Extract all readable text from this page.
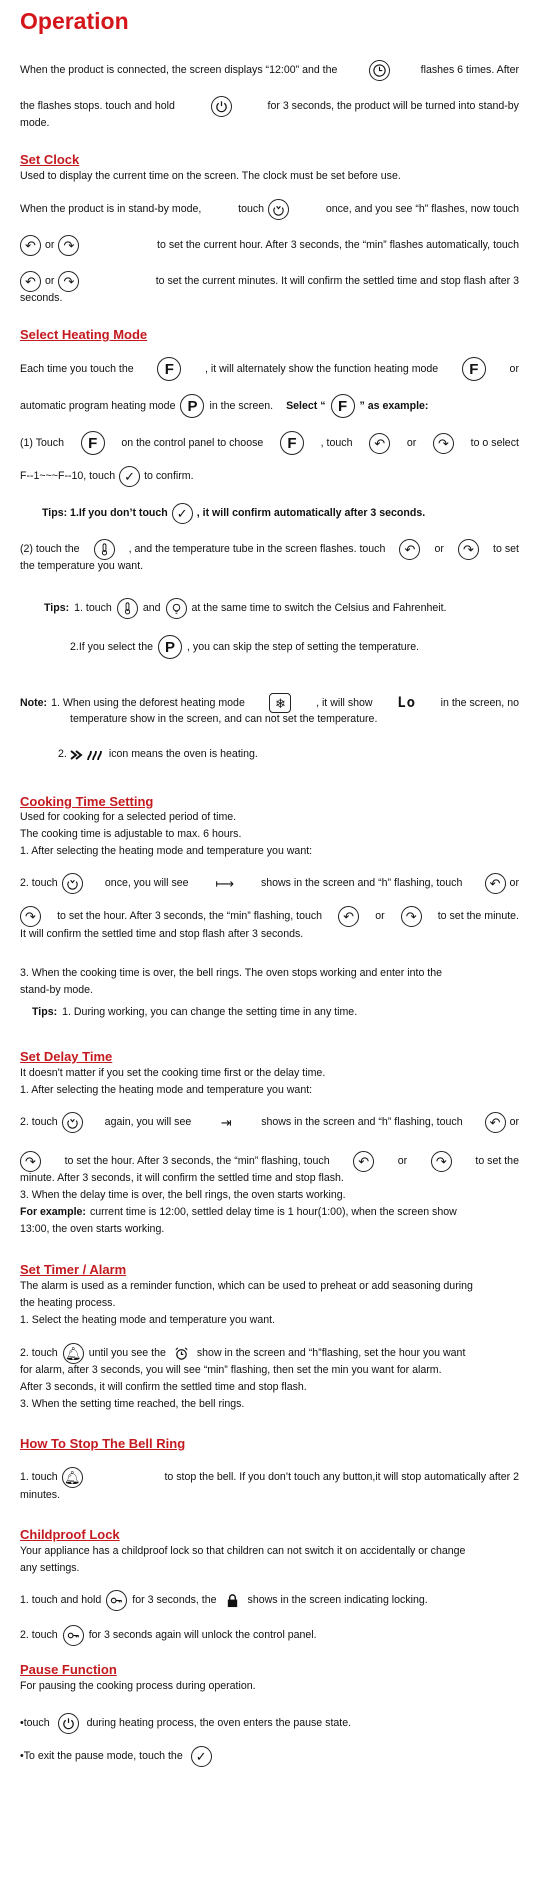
Operation
When the product is connected, the screen displays “12:00” and the	flashes 6 times. After
the flashes stops. touch and hold	for 3 seconds, the product will be turned into stand-by
mode.
Set Clock
Used to display the current time on the screen. The clock must be set before use.
When the product is in stand-by mode,	touch	once, and you see “h” flashes, now touch
↶ or ↷	to set the current hour. After 3 seconds, the “min” flashes automatically, touch
↶ or ↷	to set the current minutes. It will confirm the settled time and stop flash after 3
seconds.
Select Heating Mode
Each time you touch the	F	, it will alternately show the function heating mode	F	or
automatic program heating mode P	in the screen. Select “ F	” as example:
(1) Touch	F	on the control panel to choose	F	, touch	↶	or	↷	to o select
F--1~~~F--10, touch ✓ to confirm.
Tips: 1.If you don’t touch ✓ , it will confirm automatically after 3 seconds.
(2) touch the	, and the temperature tube in the screen flashes. touch	↶	or	↷	to set
the temperature you want.
Tips: 1. touch	and	at the same time to switch the Celsius and Fahrenheit.
2.If you select the P	, you can skip the step of setting the temperature.
Note: 1. When using the deforest heating mode	❄	, it will show Lo in the screen, no
temperature show in the screen, and can not set the temperature.
2.	icon means the oven is heating.
Cooking Time Setting
Used for cooking for a selected period of time.
The cooking time is adjustable to max. 6 hours.
1. After selecting the heating mode and temperature you want:
2. touch	once, you will see	⟼	shows in the screen and “h” flashing, touch	↶ or
↷	to set the hour. After 3 seconds, the “min” flashing, touch	↶	or	↷	to set the minute.
It will confirm the settled time and stop flash after 3 seconds.
3. When the cooking time is over, the bell rings. The oven stops working and enter into the
stand-by mode.
Tips: 1. During working, you can change the setting time in any time.
Set Delay Time
It doesn't matter if you set the cooking time first or the delay time.
1. After selecting the heating mode and temperature you want:
2. touch	again, you will see	⇥	shows in the screen and “h” flashing, touch	↶ or
↷	to set the hour. After 3 seconds, the “min” flashing, touch	↶	or	↷	to set the
minute. After 3 seconds, it will confirm the settled time and stop flash.
3. When the delay time is over, the bell rings, the oven starts working.
For example: current time is 12:00, settled delay time is 1 hour(1:00), when the screen show
13:00, the oven starts working.
Set Timer / Alarm
The alarm is used as a reminder function, which can be used to preheat or add seasoning during
the heating process.
1. Select the heating mode and temperature you want.
2. touch 🔔︎ until you see the	show in the screen and “h”flashing, set the hour you want
for alarm, after 3 seconds, you will see “min” flashing, then set the min you want for alarm.
After 3 seconds, it will confirm the settled time and stop flash.
3. When the setting time reached, the bell rings.
How To Stop The Bell Ring
1. touch 🔔︎	to stop the bell. If you don’t touch any button,it will stop automatically after 2
minutes.
Childproof Lock
Your appliance has a childproof lock so that children can not switch it on accidentally or change
any settings.
1. touch and hold	for 3 seconds, the	shows in the screen indicating locking.
2. touch	for 3 seconds again will unlock the control panel.
Pause Function
For pausing the cooking process during operation.
•touch	during heating process, the oven enters the pause state.
•To exit the pause mode, touch the	✓
